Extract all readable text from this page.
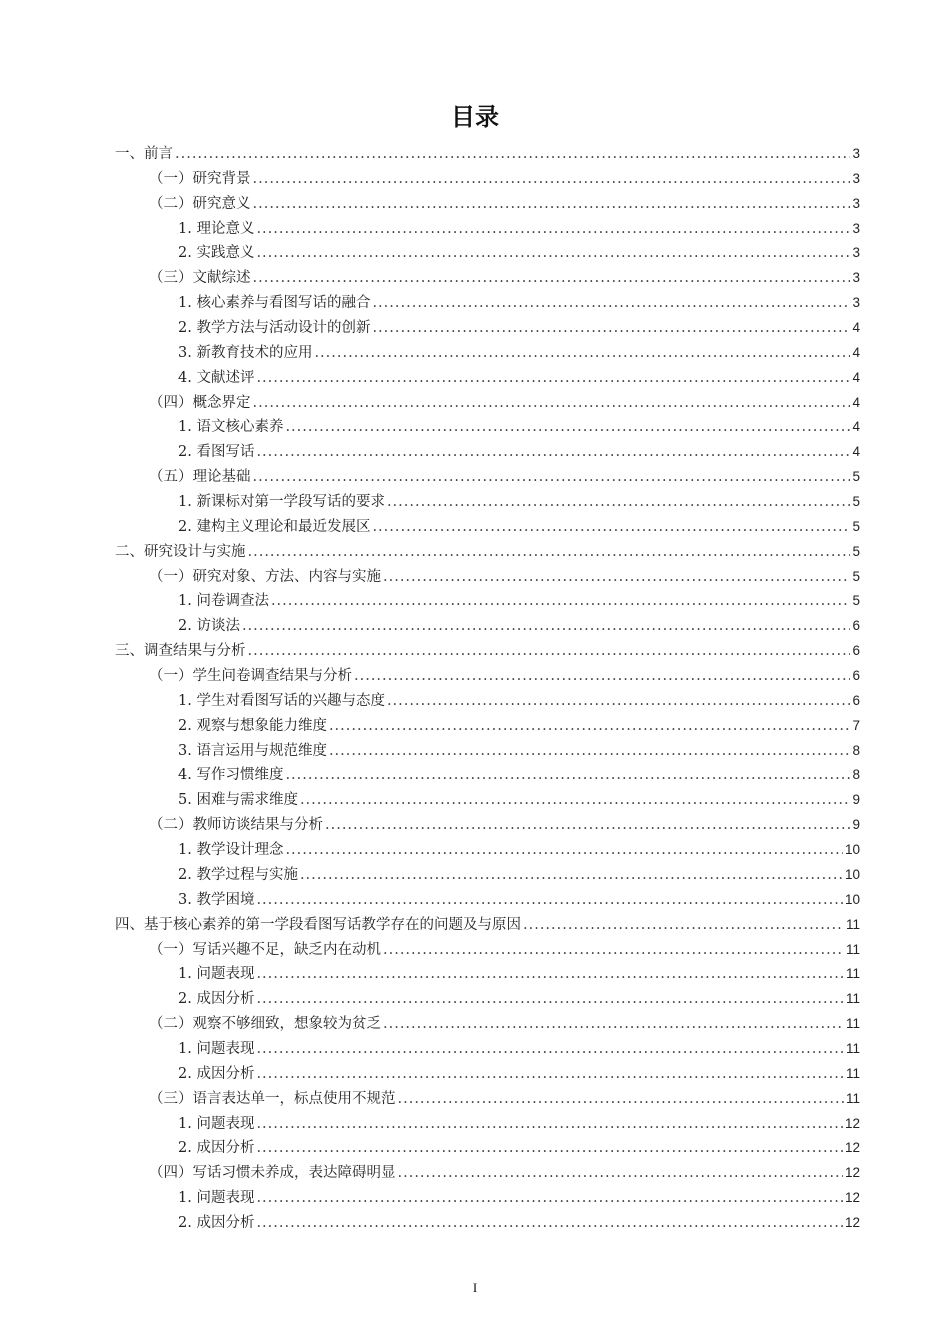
目录
一、前言 .....	3
（一）研究背景 .....	3
（二）研究意义 .....	3
1. 理论意义 .....	3
2. 实践意义 .....	3
（三）文献综述 .....	3
1. 核心素养与看图写话的融合 .....	3
2. 教学方法与活动设计的创新 .....	4
3. 新教育技术的应用 .....	4
4. 文献述评 .....	4
（四）概念界定 .....	4
1. 语文核心素养 .....	4
2. 看图写话 .....	4
（五）理论基础 .....	5
1. 新课标对第一学段写话的要求 .....	5
2. 建构主义理论和最近发展区 .....	5
二、研究设计与实施 .....	5
（一）研究对象、方法、内容与实施 .....	5
1. 问卷调查法 .....	5
2. 访谈法 .....	6
三、调查结果与分析 .....	6
（一）学生问卷调查结果与分析 .....	6
1. 学生对看图写话的兴趣与态度 .....	6
2. 观察与想象能力维度 .....	7
3. 语言运用与规范维度 .....	8
4. 写作习惯维度 .....	8
5. 困难与需求维度 .....	9
（二）教师访谈结果与分析 .....	9
1. 教学设计理念 .....	10
2. 教学过程与实施 .....	10
3. 教学困境 .....	10
四、基于核心素养的第一学段看图写话教学存在的问题及与原因 .....	11
（一）写话兴趣不足，缺乏内在动机 .....	11
1. 问题表现 .....	11
2. 成因分析 .....	11
（二）观察不够细致，想象较为贫乏 .....	11
1. 问题表现 .....	11
2. 成因分析 .....	11
（三）语言表达单一，标点使用不规范 .....	11
1. 问题表现 .....	12
2. 成因分析 .....	12
（四）写话习惯未养成，表达障碍明显 .....	12
1. 问题表现 .....	12
2. 成因分析 .....	12
I
